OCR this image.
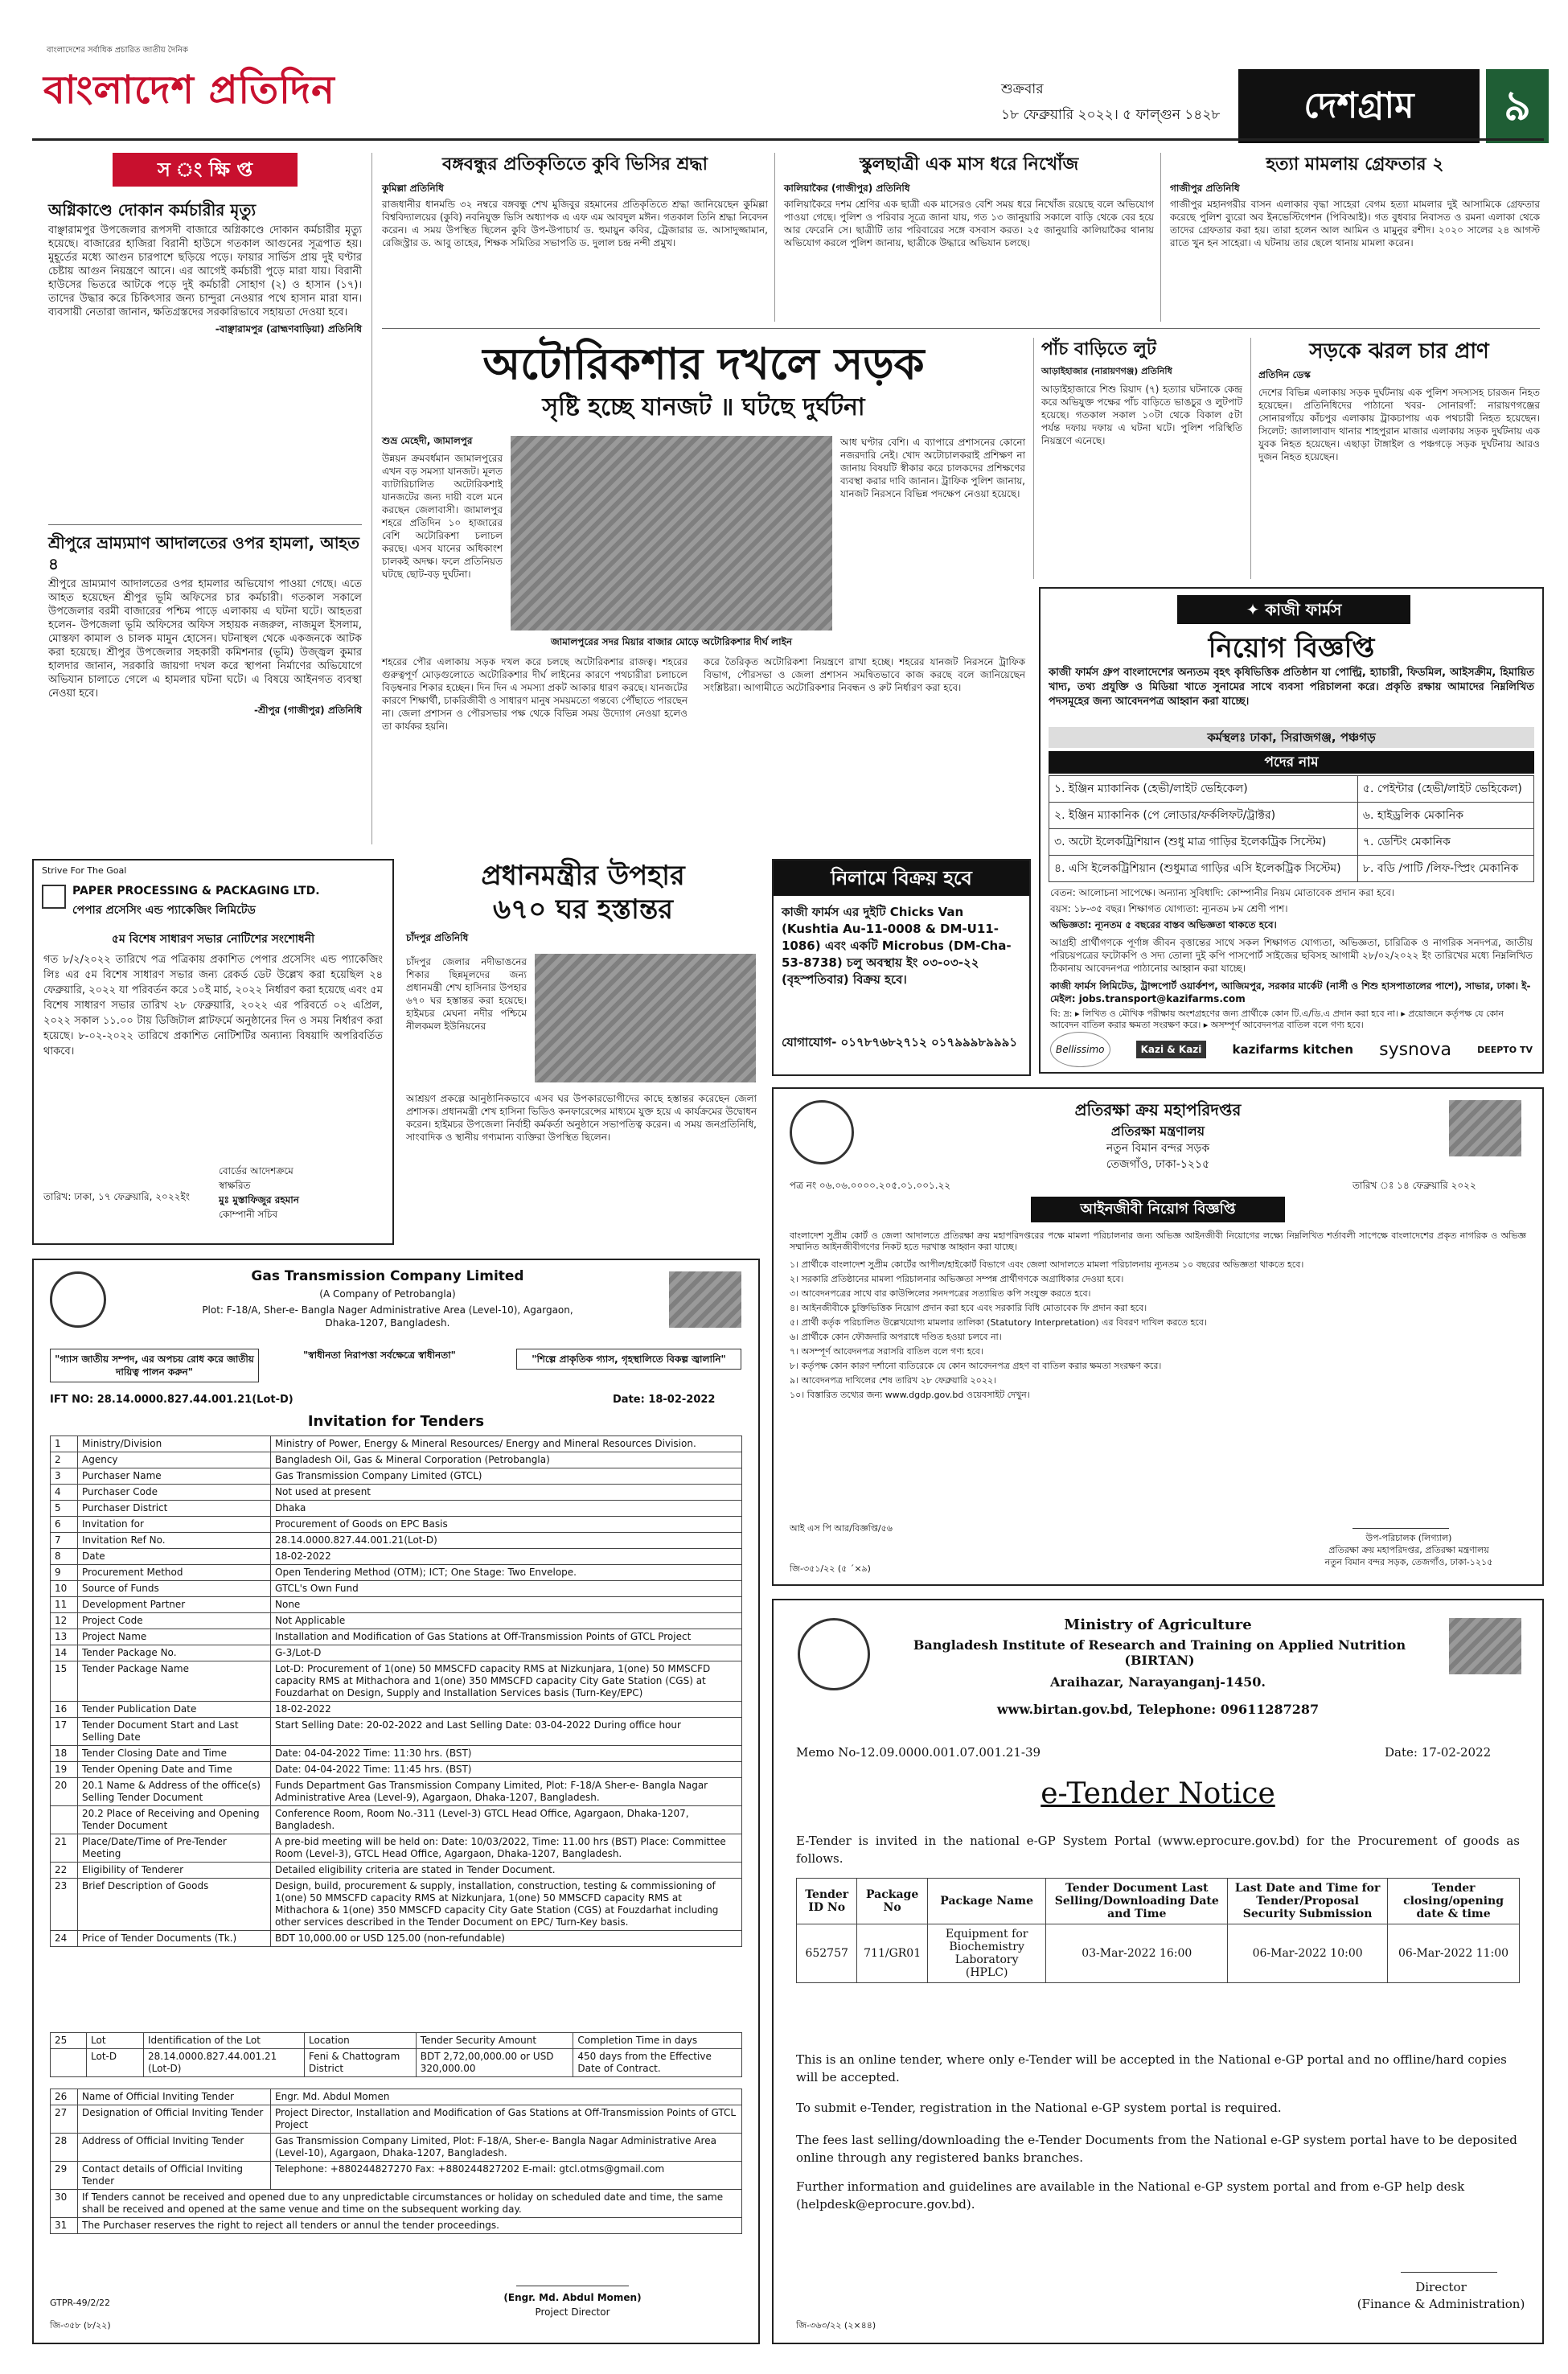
বাংলাদেশের সর্বাধিক প্রচারিত জাতীয় দৈনিক
বাংলাদেশ প্রতিদিন	শুক্রবার
১৮ ফেব্রুয়ারি ২০২২। ৫ ফাল্গুন ১৪২৮	দেশগ্রাম	৯
স ং ক্ষি প্ত
অগ্নিকাণ্ডে দোকান কর্মচারীর মৃত্যু
বাঞ্ছারামপুর উপজেলার রূপসদী বাজারে অগ্নিকাণ্ডে দোকান কর্মচারীর মৃত্যু হয়েছে। বাজারের হাজিরা বিরানী হাউসে গতকাল আগুনের সূত্রপাত হয়। মুহূর্তের মধ্যে আগুন চারপাশে ছড়িয়ে পড়ে। ফায়ার সার্ভিস প্রায় দুই ঘণ্টার চেষ্টায় আগুন নিয়ন্ত্রণে আনে। এর আগেই কর্মচারী পুড়ে মারা যায়। বিরানী হাউসের ভিতরে আটকে পড়ে দুই কর্মচারী সোহাগ (২) ও হাসান (১৭)। তাদের উদ্ধার করে চিকিৎসার জন্য চান্দুরা নেওয়ার পথে হাসান মারা যান। ব্যবসায়ী নেতারা জানান, ক্ষতিগ্রস্তদের সরকারিভাবে সহায়তা দেওয়া হবে।
-বাঞ্ছারামপুর (ব্রাহ্মণবাড়িয়া) প্রতিনিধি
শ্রীপুরে ভ্রাম্যমাণ আদালতের ওপর হামলা, আহত ৪
শ্রীপুরে ভ্রাম্যমাণ আদালতের ওপর হামলার অভিযোগ পাওয়া গেছে। এতে আহত হয়েছেন শ্রীপুর ভূমি অফিসের চার কর্মচারী। গতকাল সকালে উপজেলার বরমী বাজারের পশ্চিম পাড়ে এলাকায় এ ঘটনা ঘটে। আহতরা হলেন- উপজেলা ভূমি অফিসের অফিস সহায়ক নজরুল, নাজমুল ইসলাম, মোস্তফা কামাল ও চালক মামুন হোসেন। ঘটনাস্থল থেকে একজনকে আটক করা হয়েছে। শ্রীপুর উপজেলার সহকারী কমিশনার (ভূমি) উজ্জ্বল কুমার হালদার জানান, সরকারি জায়গা দখল করে স্থাপনা নির্মাণের অভিযোগে অভিযান চালাতে গেলে এ হামলার ঘটনা ঘটে। এ বিষয়ে আইনগত ব্যবস্থা নেওয়া হবে।
-শ্রীপুর (গাজীপুর) প্রতিনিধি
বঙ্গবন্ধুর প্রতিকৃতিতে কুবি ভিসির শ্রদ্ধা
কুমিল্লা প্রতিনিধি
রাজধানীর ধানমন্ডি ৩২ নম্বরে বঙ্গবন্ধু শেখ মুজিবুর রহমানের প্রতিকৃতিতে শ্রদ্ধা জানিয়েছেন কুমিল্লা বিশ্ববিদ্যালয়ের (কুবি) নবনিযুক্ত ভিসি অধ্যাপক এ এফ এম আবদুল মঈন। গতকাল তিনি শ্রদ্ধা নিবেদন করেন। এ সময় উপস্থিত ছিলেন কুবি উপ-উপাচার্য ড. হুমায়ুন কবির, ট্রেজারার ড. আসাদুজ্জামান, রেজিস্ট্রার ড. আবু তাহের, শিক্ষক সমিতির সভাপতি ড. দুলাল চন্দ্র নন্দী প্রমুখ।
স্কুলছাত্রী এক মাস ধরে নিখোঁজ
কালিয়াকৈর (গাজীপুর) প্রতিনিধি
কালিয়াকৈরে দশম শ্রেণির এক ছাত্রী এক মাসেরও বেশি সময় ধরে নিখোঁজ রয়েছে বলে অভিযোগ পাওয়া গেছে। পুলিশ ও পরিবার সূত্রে জানা যায়, গত ১৩ জানুয়ারি সকালে বাড়ি থেকে বের হয়ে আর ফেরেনি সে। ছাত্রীটি তার পরিবারের সঙ্গে বসবাস করত। ২৫ জানুয়ারি কালিয়াকৈর থানায় অভিযোগ করলে পুলিশ জানায়, ছাত্রীকে উদ্ধারে অভিযান চলছে।
হত্যা মামলায় গ্রেফতার ২
গাজীপুর প্রতিনিধি
গাজীপুর মহানগরীর বাসন এলাকার বৃদ্ধা সাহেরা বেগম হত্যা মামলার দুই আসামিকে গ্রেফতার করেছে পুলিশ ব্যুরো অব ইনভেস্টিগেশন (পিবিআই)। গত বুধবার নিবাসত ও রমনা এলাকা থেকে তাদের গ্রেফতার করা হয়। তারা হলেন আল আমিন ও মামুনুর রশীদ। ২০২০ সালের ২৪ আগস্ট রাতে খুন হন সাহেরা। এ ঘটনায় তার ছেলে থানায় মামলা করেন।
অটোরিকশার দখলে সড়ক
সৃষ্টি হচ্ছে যানজট ॥ ঘটছে দুর্ঘটনা
শুভ্র মেহেদী, জামালপুর
উন্নয়ন ক্রমবর্ধমান জামালপুরের এখন বড় সমস্যা যানজট। মূলত ব্যাটারিচালিত অটোরিকশাই যানজটের জন্য দায়ী বলে মনে করছেন জেলাবাসী। জামালপুর শহরে প্রতিদিন ১০ হাজারের বেশি অটোরিকশা চলাচল করছে। এসব যানের অধিকাংশ চালকই অদক্ষ। ফলে প্রতিনিয়ত ঘটছে ছোট-বড় দুর্ঘটনা।
জামালপুরের সদর মিয়ার বাজার মোড়ে অটোরিকশার দীর্ঘ লাইন
আধ ঘণ্টার বেশি। এ ব্যাপারে প্রশাসনের কোনো নজরদারি নেই। খোদ অটোচালকরাই প্রশিক্ষণ না জানায় বিষয়টি স্বীকার করে চালকদের প্রশিক্ষণের ব্যবস্থা করার দাবি জানান। ট্রাফিক পুলিশ জানায়, যানজট নিরসনে বিভিন্ন পদক্ষেপ নেওয়া হয়েছে।
শহরের পৌর এলাকায় সড়ক দখল করে চলছে অটোরিকশার রাজত্ব। শহরের গুরুত্বপূর্ণ মোড়গুলোতে অটোরিকশার দীর্ঘ লাইনের কারণে পথচারীরা চলাচলে বিড়ম্বনার শিকার হচ্ছেন। দিন দিন এ সমস্যা প্রকট আকার ধারণ করছে। যানজটের কারণে শিক্ষার্থী, চাকরিজীবী ও সাধারণ মানুষ সময়মতো গন্তব্যে পৌঁছাতে পারছেন না। জেলা প্রশাসন ও পৌরসভার পক্ষ থেকে বিভিন্ন সময় উদ্যোগ নেওয়া হলেও তা কার্যকর হয়নি।
করে তৈরিকৃত অটোরিকশা নিয়ন্ত্রণে রাখা হচ্ছে। শহরের যানজট নিরসনে ট্রাফিক বিভাগ, পৌরসভা ও জেলা প্রশাসন সমন্বিতভাবে কাজ করছে বলে জানিয়েছেন সংশ্লিষ্টরা। আগামীতে অটোরিকশার নিবন্ধন ও রুট নির্ধারণ করা হবে।
পাঁচ বাড়িতে লুট
আড়াইহাজার (নারায়ণগঞ্জ) প্রতিনিধি
আড়াইহাজারে শিশু রিয়াদ (৭) হত্যার ঘটনাকে কেন্দ্র করে অভিযুক্ত পক্ষের পাঁচ বাড়িতে ভাঙচুর ও লুটপাট হয়েছে। গতকাল সকাল ১০টা থেকে বিকাল ৫টা পর্যন্ত দফায় দফায় এ ঘটনা ঘটে। পুলিশ পরিস্থিতি নিয়ন্ত্রণে এনেছে।
সড়কে ঝরল চার প্রাণ
প্রতিদিন ডেস্ক
দেশের বিভিন্ন এলাকায় সড়ক দুর্ঘটনায় এক পুলিশ সদস্যসহ চারজন নিহত হয়েছেন। প্রতিনিধিদের পাঠানো খবর- সোনারগাঁ: নারায়ণগঞ্জের সোনারগাঁয়ে কাঁচপুর এলাকায় ট্রাকচাপায় এক পথচারী নিহত হয়েছেন। সিলেট: জালালাবাদ থানার শাহপুরান মাজার এলাকায় সড়ক দুর্ঘটনায় এক যুবক নিহত হয়েছেন। এছাড়া টাঙ্গাইল ও পঞ্চগড়ে সড়ক দুর্ঘটনায় আরও দুজন নিহত হয়েছেন।
✦ কাজী ফার্মস
নিয়োগ বিজ্ঞপ্তি
কাজী ফার্মস গ্রুপ বাংলাদেশের অন্যতম বৃহৎ কৃষিভিত্তিক প্রতিষ্ঠান যা পোল্ট্রি, হ্যাচারী, ফিডমিল, আইসক্রীম, হিমায়িত খাদ্য, তথ্য প্রযুক্তি ও মিডিয়া খাতে সুনামের সাথে ব্যবসা পরিচালনা করে। প্রকৃতি রক্ষায় আমাদের নিম্নলিখিত পদসমূহের জন্য আবেদনপত্র আহ্বান করা যাচ্ছে।
কর্মস্থলঃ ঢাকা, সিরাজগঞ্জ, পঞ্চগড়
পদের নাম
১. ইঞ্জিন ম্যাকানিক (হেভী/লাইট ভেহিকেল)	৫. পেইন্টার (হেভী/লাইট ভেহিকেল)
২. ইঞ্জিন ম্যাকানিক (পে লোডার/ফর্কলিফট/ট্রাক্টর)	৬. হাইড্রলিক মেকানিক
৩. অটো ইলেকট্রিশিয়ান (শুধু মাত্র গাড়ির ইলেকট্রিক সিস্টেম)	৭. ডেন্টিং মেকানিক
৪. এসি ইলেকট্রিশিয়ান (শুধুমাত্র গাড়ির এসি ইলেকট্রিক সিস্টেম)	৮. বডি /পাটি /লিফ-স্প্রিং মেকানিক
বেতন: আলোচনা সাপেক্ষে। অন্যান্য সুবিধাদি: কোম্পানীর নিয়ম মোতাবেক প্রদান করা হবে।
বয়স: ১৮-৩৫ বছর। শিক্ষাগত যোগ্যতা: ন্যূনতম ৮ম শ্রেণী পাশ।
অভিজ্ঞতা: ন্যূনতম ৫ বছরের বাস্তব অভিজ্ঞতা থাকতে হবে।
আগ্রহী প্রার্থীগণকে পূর্ণাঙ্গ জীবন বৃত্তান্তের সাথে সকল শিক্ষাগত যোগ্যতা, অভিজ্ঞতা, চারিত্রিক ও নাগরিক সনদপত্র, জাতীয় পরিচয়পত্রের ফটোকপি ও সদ্য তোলা দুই কপি পাসপোর্ট সাইজের ছবিসহ আগামী ২৮/০২/২০২২ ইং তারিখের মধ্যে নিম্নলিখিত ঠিকানায় আবেদনপত্র পাঠানোর আহ্বান করা যাচ্ছে।
কাজী ফার্মস লিমিটেড, ট্রান্সপোর্ট ওয়ার্কশপ, আজিমপুর, সরকার মার্কেট (নাৰ্সী ও শিশু হাসপাতালের পাশে), সাভার, ঢাকা। ই-মেইল: jobs.transport@kazifarms.com
বি: দ্র: ▸ লিখিত ও মৌখিক পরীক্ষায় অংশগ্রহণের জন্য প্রার্থীকে কোন টি.এ/ডি.এ প্রদান করা হবে না। ▸ প্রয়োজনে কর্তৃপক্ষ যে কোন আবেদন বাতিল করার ক্ষমতা সংরক্ষণ করে। ▸ অসম্পূর্ণ আবেদনপত্র বাতিল বলে গণ্য হবে।
Bellissimo	Kazi & Kazi	kazifarms kitchen sysnova	DEEPTO TV
Strive For The Goal
PAPER PROCESSING & PACKAGING LTD.
পেপার প্রসেসিং এন্ড প্যাকেজিং লিমিটেড
৫ম বিশেষ সাধারণ সভার নোটিশের সংশোধনী
গত ৮/২/২০২২ তারিখে পত্র পত্রিকায় প্রকাশিত পেপার প্রসেসিং এন্ড প্যাকেজিং লিঃ এর ৫ম বিশেষ সাধারণ সভার জন্য রেকর্ড ডেট উল্লেখ করা হয়েছিল ২৪ ফেব্রুয়ারি, ২০২২ যা পরিবর্তন করে ১০ই মার্চ, ২০২২ নির্ধারণ করা হয়েছে এবং ৫ম বিশেষ সাধারণ সভার তারিখ ২৮ ফেব্রুয়ারি, ২০২২ এর পরিবর্তে ০২ এপ্রিল, ২০২২ সকাল ১১.০০ টায় ডিজিটাল প্লাটফর্মে অনুষ্ঠানের দিন ও সময় নির্ধারণ করা হয়েছে। ৮-০২-২০২২ তারিখে প্রকাশিত নোটিশটির অন্যান্য বিষয়াদি অপরিবর্তিত থাকবে।
বোর্ডের আদেশক্রমে
স্বাক্ষরিত
মুঃ মুস্তাফিজুর রহমান
কোম্পানী সচিব
তারিখ: ঢাকা, ১৭ ফেব্রুয়ারি, ২০২২ইং
প্রধানমন্ত্রীর উপহার
৬৭০ ঘর হস্তান্তর
চাঁদপুর প্রতিনিধি
চাঁদপুর জেলার নদীভাঙনের শিকার ছিন্নমূলদের জন্য প্রধানমন্ত্রী শেখ হাসিনার উপহার ৬৭০ ঘর হস্তান্তর করা হয়েছে। হাইমচর মেঘনা নদীর পশ্চিমে নীলকমল ইউনিয়নের
আশ্রয়ণ প্রকল্পে আনুষ্ঠানিকভাবে এসব ঘর উপকারভোগীদের কাছে হস্তান্তর করেছেন জেলা প্রশাসক। প্রধানমন্ত্রী শেখ হাসিনা ভিডিও কনফারেন্সের মাধ্যমে যুক্ত হয়ে এ কার্যক্রমের উদ্বোধন করেন। হাইমচর উপজেলা নির্বাহী কর্মকর্তা অনুষ্ঠানে সভাপতিত্ব করেন। এ সময় জনপ্রতিনিধি, সাংবাদিক ও স্থানীয় গণ্যমান্য ব্যক্তিরা উপস্থিত ছিলেন।
নিলামে বিক্রয় হবে
কাজী ফার্মস এর দুইটি Chicks Van (Kushtia Au-11-0008 & DM-U11- 1086) এবং একটি Microbus (DM-Cha-53-8738) চলু অবস্থায় ইং ০৩-০৩-২২ (বৃহস্পতিবার) বিক্রয় হবে।
যোগাযোগ- ০১৭৮৭৬৮২৭১২ ০১৭৯৯৯৮৯৯৯১
Gas Transmission Company Limited
(A Company of Petrobangla)
Plot: F-18/A, Sher-e- Bangla Nager Administrative Area (Level-10), Agargaon, Dhaka-1207, Bangladesh.
"গ্যাস জাতীয় সম্পদ, এর অপচয় রোধ করে জাতীয় দায়িত্ব পালন করুন"
"স্বাধীনতা নিরাপত্তা সর্বক্ষেত্রে স্বাধীনতা"	"শিল্পে প্রাকৃতিক গ্যাস, গৃহস্থালিতে বিকল্প জ্বালানি"
IFT NO: 28.14.0000.827.44.001.21(Lot-D)	Date: 18-02-2022
Invitation for Tenders
1	Ministry/Division	Ministry of Power, Energy & Mineral Resources/ Energy and Mineral Resources Division.
2	Agency	Bangladesh Oil, Gas & Mineral Corporation (Petrobangla)
3	Purchaser Name	Gas Transmission Company Limited (GTCL)
4	Purchaser Code	Not used at present
5	Purchaser District	Dhaka
6	Invitation for	Procurement of Goods on EPC Basis
7	Invitation Ref No.	28.14.0000.827.44.001.21(Lot-D)
8	Date	18-02-2022
9	Procurement Method	Open Tendering Method (OTM); ICT; One Stage: Two Envelope.
10	Source of Funds	GTCL's Own Fund
11	Development Partner	None
12	Project Code	Not Applicable
13	Project Name	Installation and Modification of Gas Stations at Off-Transmission Points of GTCL Project
14	Tender Package No.	G-3/Lot-D
15	Tender Package Name	Lot-D: Procurement of 1(one) 50 MMSCFD capacity RMS at Nizkunjara, 1(one) 50 MMSCFD capacity RMS at Mithachora and 1(one) 350 MMSCFD capacity City Gate Station (CGS) at Fouzdarhat on Design, Supply and Installation Services basis (Turn-Key/EPC)
16	Tender Publication Date	18-02-2022
17	Tender Document Start and Last Selling Date	Start Selling Date: 20-02-2022 and Last Selling Date: 03-04-2022 During office hour
18	Tender Closing Date and Time	Date: 04-04-2022 Time: 11:30 hrs. (BST)
19	Tender Opening Date and Time	Date: 04-04-2022 Time: 11:45 hrs. (BST)
20	20.1 Name & Address of the office(s) Selling Tender Document	Funds Department Gas Transmission Company Limited, Plot: F-18/A Sher-e- Bangla Nagar Administrative Area (Level-9), Agargaon, Dhaka-1207, Bangladesh.
	20.2 Place of Receiving and Opening Tender Document	Conference Room, Room No.-311 (Level-3) GTCL Head Office, Agargaon, Dhaka-1207, Bangladesh.
21	Place/Date/Time of Pre-Tender Meeting	A pre-bid meeting will be held on: Date: 10/03/2022, Time: 11.00 hrs (BST) Place: Committee Room (Level-3), GTCL Head Office, Agargaon, Dhaka-1207, Bangladesh.
22	Eligibility of Tenderer	Detailed eligibility criteria are stated in Tender Document.
23	Brief Description of Goods	Design, build, procurement & supply, installation, construction, testing & commissioning of 1(one) 50 MMSCFD capacity RMS at Nizkunjara, 1(one) 50 MMSCFD capacity RMS at Mithachora & 1(one) 350 MMSCFD capacity City Gate Station (CGS) at Fouzdarhat including other services described in the Tender Document on EPC/ Turn-Key basis.
24	Price of Tender Documents (Tk.)	BDT 10,000.00 or USD 125.00 (non-refundable)
25	Lot	Identification of the Lot	Location	Tender Security Amount	Completion Time in days
	Lot-D	28.14.0000.827.44.001.21 (Lot-D)	Feni & Chattogram District	BDT 2,72,00,000.00 or USD 320,000.00	450 days from the Effective Date of Contract.
26	Name of Official Inviting Tender	Engr. Md. Abdul Momen
27	Designation of Official Inviting Tender	Project Director, Installation and Modification of Gas Stations at Off-Transmission Points of GTCL Project
28	Address of Official Inviting Tender	Gas Transmission Company Limited, Plot: F-18/A, Sher-e- Bangla Nagar Administrative Area (Level-10), Agargaon, Dhaka-1207, Bangladesh.
29	Contact details of Official Inviting Tender	Telephone: +880244827270 Fax: +880244827202 E-mail: gtcl.otms@gmail.com
30	If Tenders cannot be received and opened due to any unpredictable circumstances or holiday on scheduled date and time, the same shall be received and opened at the same venue and time on the subsequent working day.	
31	The Purchaser reserves the right to reject all tenders or annul the tender proceedings.	
(Engr. Md. Abdul Momen)
Project Director
GTPR-49/2/22
জি-৩৫৮ (৮/২২)
প্রতিরক্ষা ক্রয় মহাপরিদপ্তর
প্রতিরক্ষা মন্ত্রণালয়
নতুন বিমান বন্দর সড়ক
তেজগাঁও, ঢাকা-১২১৫
পত্র নং ০৬.০৬.০০০০.২০৫.০১.০০১.২২	তারিখ ঃ ১৪ ফেব্রুয়ারি ২০২২
আইনজীবী নিয়োগ বিজ্ঞপ্তি
বাংলাদেশ সুপ্রীম কোর্ট ও জেলা আদালতে প্রতিরক্ষা ক্রয় মহাপরিদপ্তরের পক্ষে মামলা পরিচালনার জন্য অভিজ্ঞ আইনজীবী নিয়োগের লক্ষ্যে নিম্নলিখিত শর্তাবলী সাপেক্ষে বাংলাদেশের প্রকৃত নাগরিক ও অভিজ্ঞ সম্মানিত আইনজীবীগণের নিকট হতে দরখাস্ত আহ্বান করা যাচ্ছে।
১। প্রার্থীকে বাংলাদেশ সুপ্রীম কোর্টের আপীল/হাইকোর্ট বিভাগে এবং জেলা আদালতে মামলা পরিচালনায় ন্যূনতম ১০ বছরের অভিজ্ঞতা থাকতে হবে।
২। সরকারি প্রতিষ্ঠানের মামলা পরিচালনার অভিজ্ঞতা সম্পন্ন প্রার্থীগণকে অগ্রাধিকার দেওয়া হবে।
৩। আবেদনপত্রের সাথে বার কাউন্সিলের সনদপত্রের সত্যায়িত কপি সংযুক্ত করতে হবে।
৪। আইনজীবীকে চুক্তিভিত্তিক নিয়োগ প্রদান করা হবে এবং সরকারি বিধি মোতাবেক ফি প্রদান করা হবে।
৫। প্রার্থী কর্তৃক পরিচালিত উল্লেখযোগ্য মামলার তালিকা (Statutory Interpretation) এর বিবরণ দাখিল করতে হবে।
৬। প্রার্থীকে কোন ফৌজদারি অপরাধে দণ্ডিত হওয়া চলবে না।
৭। অসম্পূর্ণ আবেদনপত্র সরাসরি বাতিল বলে গণ্য হবে।
৮। কর্তৃপক্ষ কোন কারণ দর্শানো ব্যতিরেকে যে কোন আবেদনপত্র গ্রহণ বা বাতিল করার ক্ষমতা সংরক্ষণ করে।
৯। আবেদনপত্র দাখিলের শেষ তারিখ ২৮ ফেব্রুয়ারি ২০২২।
১০। বিস্তারিত তথ্যের জন্য www.dgdp.gov.bd ওয়েবসাইট দেখুন।
আই এস পি আর/বিজ্ঞপ্তি/৫৬
উপ-পরিচালক (লিগ্যাল)
প্রতিরক্ষা ক্রয় মহাপরিদপ্তর, প্রতিরক্ষা মন্ত্রণালয়
নতুন বিমান বন্দর সড়ক, তেজগাঁও, ঢাকা-১২১৫
জি-৩৫১/২২ (৫ ´×৯)
Ministry of Agriculture
Bangladesh Institute of Research and Training on Applied Nutrition (BIRTAN)
Araihazar, Narayanganj-1450.
www.birtan.gov.bd, Telephone: 09611287287
Memo No-12.09.0000.001.07.001.21-39	Date: 17-02-2022
e-Tender Notice
E-Tender is invited in the national e-GP System Portal (www.eprocure.gov.bd) for the Procurement of goods as follows.
Tender ID No	Package No	Package Name	Tender Document Last Selling/Downloading Date and Time	Last Date and Time for Tender/Proposal Security Submission	Tender closing/opening date & time
652757	711/GR01	Equipment for Biochemistry Laboratory (HPLC)	03-Mar-2022 16:00	06-Mar-2022 10:00	06-Mar-2022 11:00
This is an online tender, where only e-Tender will be accepted in the National e-GP portal and no offline/hard copies will be accepted.
To submit e-Tender, registration in the National e-GP system portal is required.
The fees last selling/downloading the e-Tender Documents from the National e-GP system portal have to be deposited online through any registered banks branches.
Further information and guidelines are available in the National e-GP system portal and from e-GP help desk (helpdesk@eprocure.gov.bd).
Director
(Finance & Administration)
জি-৩৬৩/২২ (২×৪৪)
